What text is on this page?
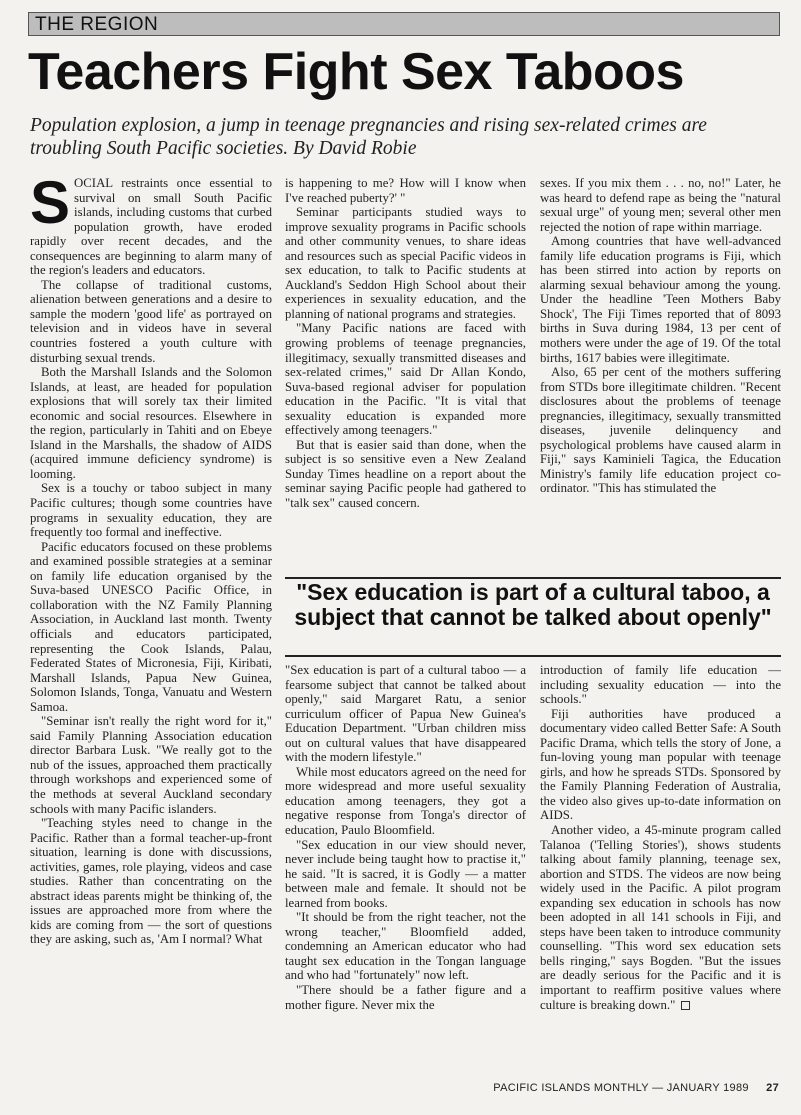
THE REGION
Teachers Fight Sex Taboos

Population explosion, a jump in teenage pregnancies and rising sex-related crimes are troubling South Pacific societies. By David Robie

S OCIAL restraints once essential to survival on small South Pacific islands, including customs that curbed population growth, have eroded rapidly over recent decades, and the consequences are beginning to alarm many of the region's leaders and educators.

The collapse of traditional customs, alienation between generations and a desire to sample the modern 'good life' as portrayed on television and in videos have in several countries fostered a youth culture with disturbing sexual trends.

Both the Marshall Islands and the Solomon Islands, at least, are headed for population explosions that will sorely tax their limited economic and social resources. Elsewhere in the region, particularly in Tahiti and on Ebeye Island in the Marshalls, the shadow of AIDS (acquired immune deficiency syndrome) is looming.

Sex is a touchy or taboo subject in many Pacific cultures; though some countries have programs in sexuality education, they are frequently too formal and ineffective.

Pacific educators focused on these problems and examined possible strategies at a seminar on family life education organised by the Suva-based UNESCO Pacific Office, in collaboration with the NZ Family Planning Association, in Auckland last month. Twenty officials and educators participated, representing the Cook Islands, Palau, Federated States of Micronesia, Fiji, Kiribati, Marshall Islands, Papua New Guinea, Solomon Islands, Tonga, Vanuatu and Western Samoa.

"Seminar isn't really the right word for it," said Family Planning Association education director Barbara Lusk. "We really got to the nub of the issues, approached them practically through workshops and experienced some of the methods at several Auckland secondary schools with many Pacific islanders.

"Teaching styles need to change in the Pacific. Rather than a formal teacher-up-front situation, learning is done with discussions, activities, games, role playing, videos and case studies. Rather than concentrating on the abstract ideas parents might be thinking of, the issues are approached more from where the kids are coming from — the sort of questions they are asking, such as, 'Am I normal? What

is happening to me? How will I know when I've reached puberty?' "

Seminar participants studied ways to improve sexuality programs in Pacific schools and other community venues, to share ideas and resources such as special Pacific videos in sex education, to talk to Pacific students at Auckland's Seddon High School about their experiences in sexuality education, and the planning of national programs and strategies.

"Many Pacific nations are faced with growing problems of teenage pregnancies, illegitimacy, sexually transmitted diseases and sex-related crimes," said Dr Allan Kondo, Suva-based regional adviser for population education in the Pacific. "It is vital that sexuality education is expanded more effectively among teenagers."

But that is easier said than done, when the subject is so sensitive even a New Zealand Sunday Times headline on a report about the seminar saying Pacific people had gathered to "talk sex" caused concern.

sexes. If you mix them . . . no, no!" Later, he was heard to defend rape as being the "natural sexual urge" of young men; several other men rejected the notion of rape within marriage.

Among countries that have well-advanced family life education programs is Fiji, which has been stirred into action by reports on alarming sexual behaviour among the young. Under the headline 'Teen Mothers Baby Shock', The Fiji Times reported that of 8093 births in Suva during 1984, 13 per cent of mothers were under the age of 19. Of the total births, 1617 babies were illegitimate.

Also, 65 per cent of the mothers suffering from STDs bore illegitimate children. "Recent disclosures about the problems of teenage pregnancies, illegitimacy, sexually transmitted diseases, juvenile delinquency and psychological problems have caused alarm in Fiji," says Kaminieli Tagica, the Education Ministry's family life education project co-ordinator. "This has stimulated the

"Sex education is part of a cultural taboo, a subject that cannot be talked about openly"

"Sex education is part of a cultural taboo — a fearsome subject that cannot be talked about openly," said Margaret Ratu, a senior curriculum officer of Papua New Guinea's Education Department. "Urban children miss out on cultural values that have disappeared with the modern lifestyle."

While most educators agreed on the need for more widespread and more useful sexuality education among teenagers, they got a negative response from Tonga's director of education, Paulo Bloomfield.

"Sex education in our view should never, never include being taught how to practise it," he said. "It is sacred, it is Godly — a matter between male and female. It should not be learned from books.

"It should be from the right teacher, not the wrong teacher," Bloomfield added, condemning an American educator who had taught sex education in the Tongan language and who had "fortunately" now left.

"There should be a father figure and a mother figure. Never mix the

introduction of family life education — including sexuality education — into the schools."

Fiji authorities have produced a documentary video called Better Safe: A South Pacific Drama, which tells the story of Jone, a fun-loving young man popular with teenage girls, and how he spreads STDs. Sponsored by the Family Planning Federation of Australia, the video also gives up-to-date information on AIDS.

Another video, a 45-minute program called Talanoa ('Telling Stories'), shows students talking about family planning, teenage sex, abortion and STDS. The videos are now being widely used in the Pacific. A pilot program expanding sex education in schools has now been adopted in all 141 schools in Fiji, and steps have been taken to introduce community counselling. "This word sex education sets bells ringing," says Bogden. "But the issues are deadly serious for the Pacific and it is important to reaffirm positive values where culture is breaking down."

PACIFIC ISLANDS MONTHLY — JANUARY 1989 27
